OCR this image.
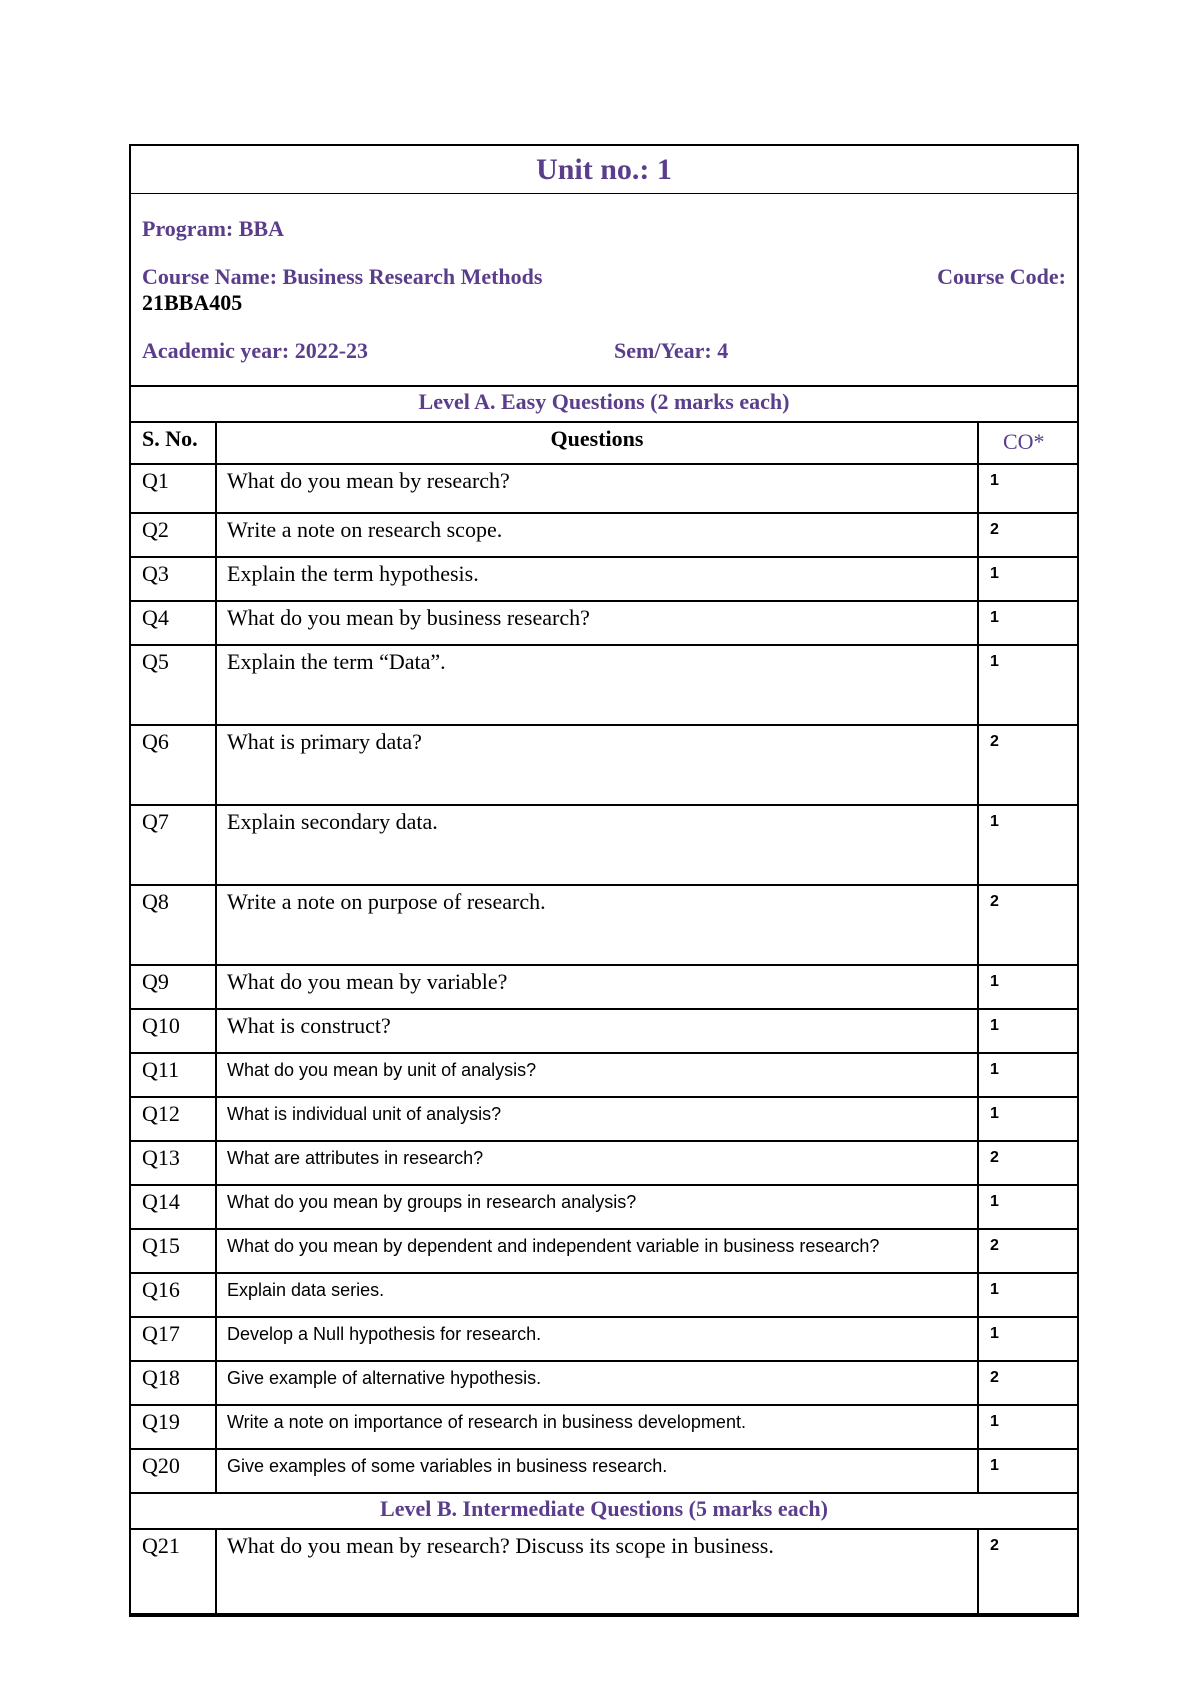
Unit no.: 1
Program: BBA
Course Name: Business Research Methods	Course Code:
21BBA405
Academic year: 2022-23	Sem/Year: 4
Level A. Easy Questions (2 marks each)
S. No.	Questions	CO*
Q1	What do you mean by research?	1
Q2	Write a note on research scope.	2
Q3	Explain the term hypothesis.	1
Q4	What do you mean by business research?	1
Q5	Explain the term “Data”.	1
Q6	What is primary data?	2
Q7	Explain secondary data.	1
Q8	Write a note on purpose of research.	2
Q9	What do you mean by variable?	1
Q10	What is construct?	1
Q11	What do you mean by unit of analysis?	1
Q12	What is individual unit of analysis?	1
Q13	What are attributes in research?	2
Q14	What do you mean by groups in research analysis?	1
Q15	What do you mean by dependent and independent variable in business research?	2
Q16	Explain data series.	1
Q17	Develop a Null hypothesis for research.	1
Q18	Give example of alternative hypothesis.	2
Q19	Write a note on importance of research in business development.	1
Q20	Give examples of some variables in business research.	1
Level B. Intermediate Questions (5 marks each)
Q21	What do you mean by research? Discuss its scope in business.	2
